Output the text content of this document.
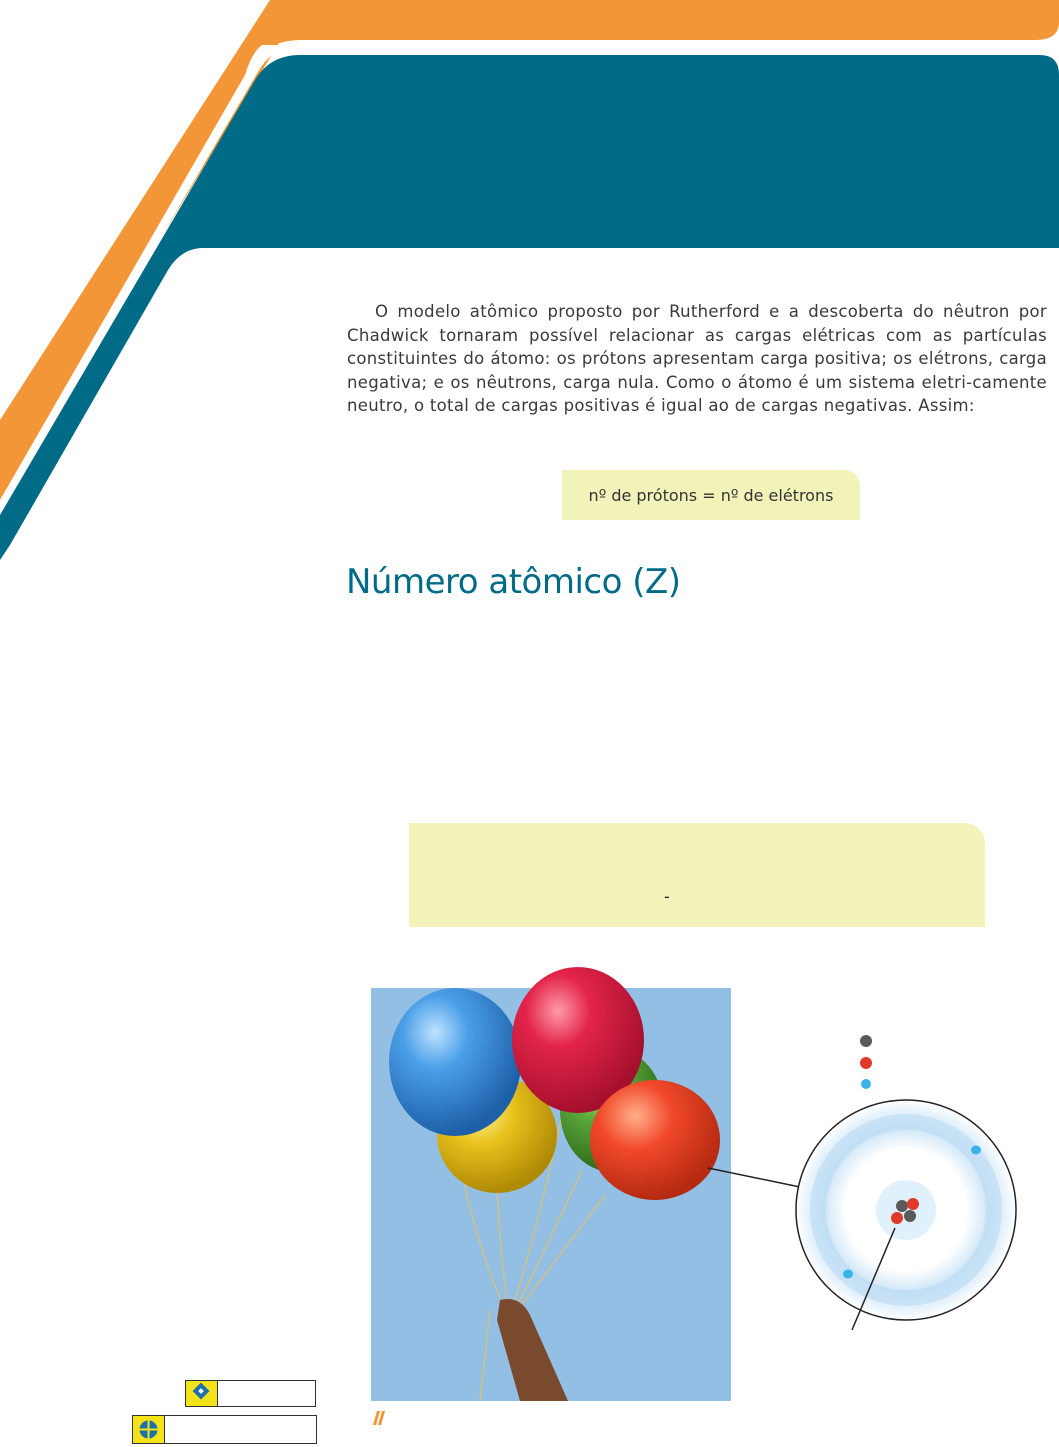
O modelo atômico proposto por Rutherford e a descoberta do nêutron por Chadwick tornaram possível relacionar as cargas elétricas com as partículas constituintes do átomo: os prótons apresentam carga positiva; os elétrons, carga negativa; e os nêutrons, carga nula. Como o átomo é um sistema eletri-camente neutro, o total de cargas positivas é igual ao de cargas negativas. Assim:

nº de prótons = nº de elétrons
Número atômico (Z)
-
